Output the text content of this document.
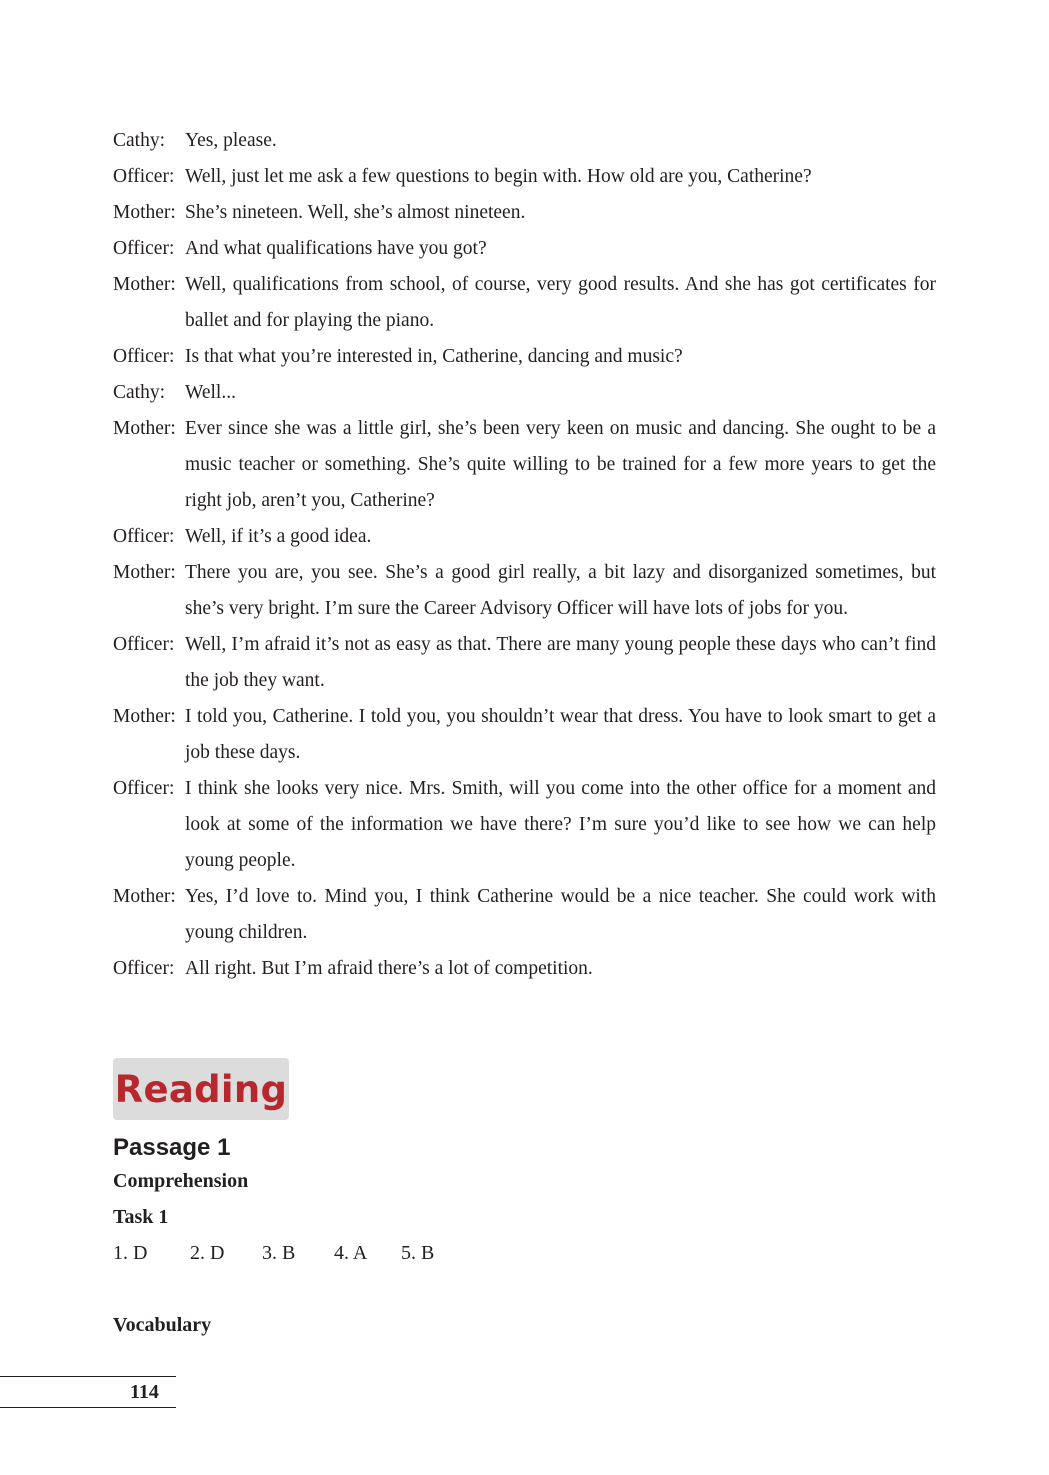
Cathy:	Yes, please.
Officer: Well, just let me ask a few questions to begin with. How old are you, Catherine?
Mother: She’s nineteen. Well, she’s almost nineteen.
Officer: And what qualifications have you got?
Mother: Well, qualifications from school, of course, very good results. And she has got certificates for ballet and for playing the piano.
Officer: Is that what you’re interested in, Catherine, dancing and music?
Cathy:	Well...
Mother: Ever since she was a little girl, she’s been very keen on music and dancing. She ought to be a music teacher or something. She’s quite willing to be trained for a few more years to get the right job, aren’t you, Catherine?
Officer: Well, if it’s a good idea.
Mother: There you are, you see. She’s a good girl really, a bit lazy and disorganized sometimes, but she’s very bright. I’m sure the Career Advisory Officer will have lots of jobs for you.
Officer: Well, I’m afraid it’s not as easy as that. There are many young people these days who can’t find the job they want.
Mother: I told you, Catherine. I told you, you shouldn’t wear that dress. You have to look smart to get a job these days.
Officer: I think she looks very nice. Mrs. Smith, will you come into the other office for a moment and look at some of the information we have there? I’m sure you’d like to see how we can help young people.
Mother: Yes, I’d love to. Mind you, I think Catherine would be a nice teacher. She could work with young children.
Officer: All right. But I’m afraid there’s a lot of competition.
Reading
Passage 1
Comprehension
Task 1
1. D	2. D	3. B	4. A	5. B
Vocabulary
114
